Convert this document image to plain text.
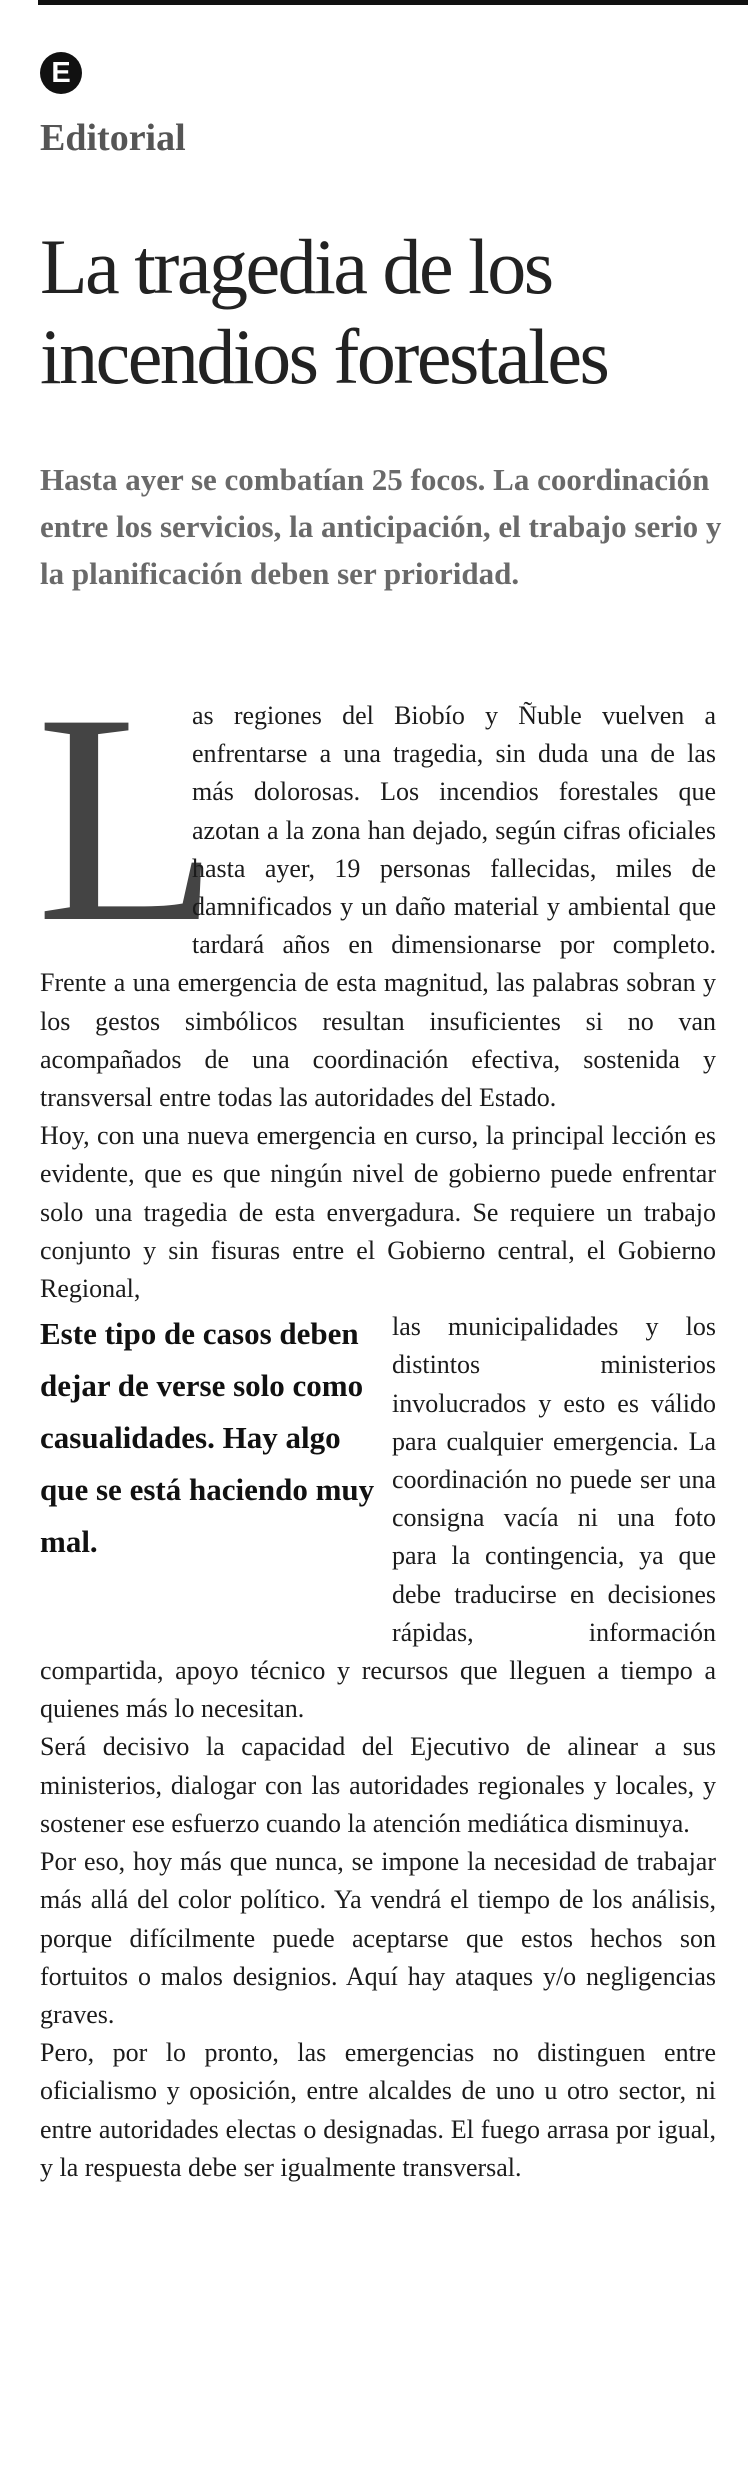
E
Editorial
La tragedia de los incendios forestales

Hasta ayer se combatían 25 focos. La coordinación entre los servicios, la anticipación, el trabajo serio y la planificación deben ser prioridad.

L
as regiones del Biobío y Ñuble vuelven a enfrentarse a una tragedia, sin duda una de las más dolorosas. Los incendios forestales que azotan a la zona han dejado, según cifras oficiales hasta ayer, 19 personas fallecidas, miles de damnificados y un daño material y ambiental que tardará años en dimensionarse por completo. Frente a una emergencia de esta magnitud, las palabras sobran y los gestos simbólicos resultan insuficientes si no van acompañados de una coordinación efectiva, sostenida y transversal entre todas las autoridades del Estado.

Hoy, con una nueva emergencia en curso, la principal lección es evidente, que es que ningún nivel de gobierno puede enfrentar solo una tragedia de esta envergadura. Se requiere un trabajo conjunto y sin fisuras entre el Gobierno central, el Gobierno Regional,

Este tipo de casos deben dejar de verse solo como casualidades. Hay algo que se está haciendo muy mal.
las municipalidades y los distintos ministerios involucrados y esto es válido para cualquier emergencia. La coordinación no puede ser una consigna vacía ni una foto para la contingencia, ya que debe traducirse en decisiones rápidas, información compartida, apoyo técnico y recursos que lleguen a tiempo a quienes más lo necesitan.

Será decisivo la capacidad del Ejecutivo de alinear a sus ministerios, dialogar con las autoridades regionales y locales, y sostener ese esfuerzo cuando la atención mediática disminuya.

Por eso, hoy más que nunca, se impone la necesidad de trabajar más allá del color político. Ya vendrá el tiempo de los análisis, porque difícilmente puede aceptarse que estos hechos son fortuitos o malos designios. Aquí hay ataques y/o negligencias graves.

Pero, por lo pronto, las emergencias no distinguen entre oficialismo y oposición, entre alcaldes de uno u otro sector, ni entre autoridades electas o designadas. El fuego arrasa por igual, y la respuesta debe ser igualmente transversal.
